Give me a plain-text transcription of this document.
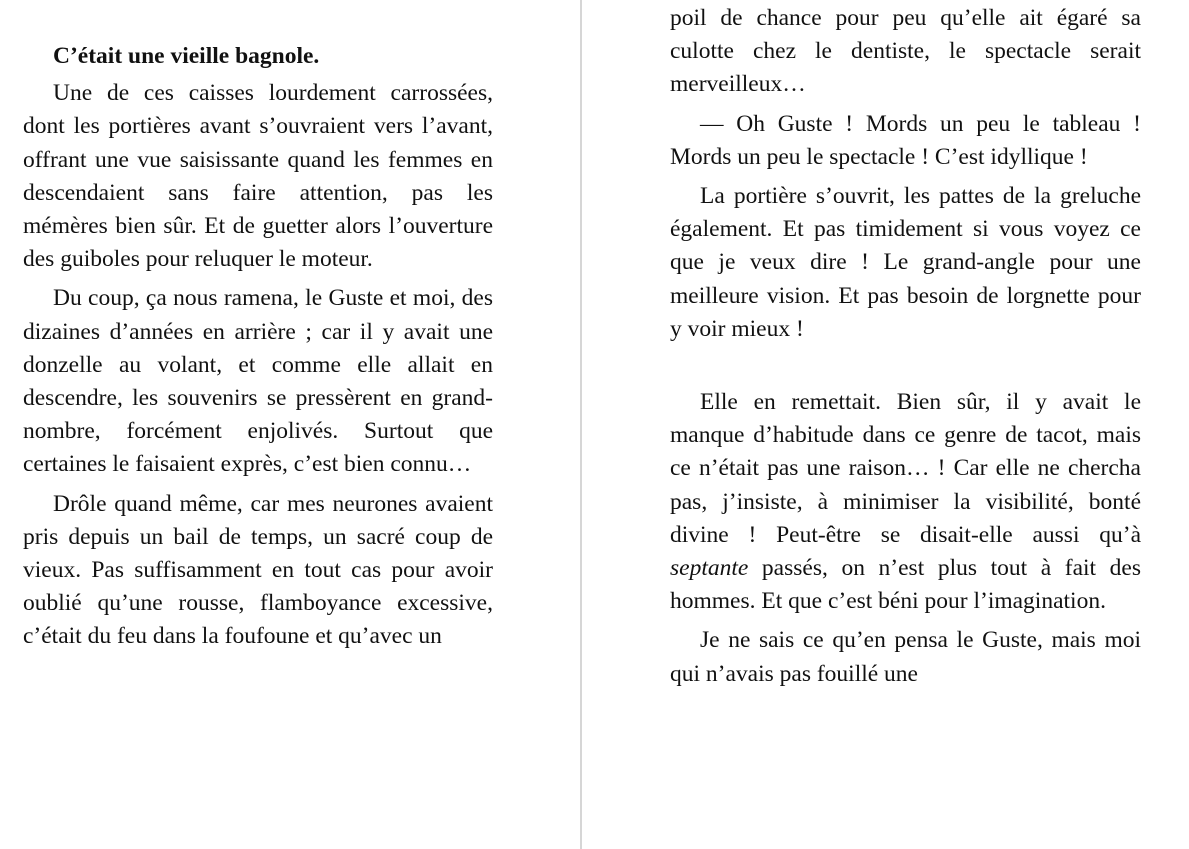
C’était une vieille bagnole.

Une de ces caisses lourdement carrossées, dont les portières avant s’ouvraient vers l’avant, offrant une vue saisissante quand les femmes en descendaient sans faire attention, pas les mémères bien sûr. Et de guetter alors l’ouverture des guiboles pour reluquer le moteur.

Du coup, ça nous ramena, le Guste et moi, des dizaines d’années en arrière ; car il y avait une donzelle au volant, et comme elle allait en descendre, les souvenirs se pressèrent en grand-nombre, forcément enjolivés. Surtout que certaines le faisaient exprès, c’est bien connu…

Drôle quand même, car mes neurones avaient pris depuis un bail de temps, un sacré coup de vieux. Pas suffisamment en tout cas pour avoir oublié qu’une rousse, flamboyance excessive, c’était du feu dans la foufoune et qu’avec un

poil de chance pour peu qu’elle ait égaré sa culotte chez le dentiste, le spectacle serait merveilleux…

— Oh Guste ! Mords un peu le tableau ! Mords un peu le spectacle ! C’est idyllique !

La portière s’ouvrit, les pattes de la greluche également. Et pas timidement si vous voyez ce que je veux dire ! Le grand-angle pour une meilleure vision. Et pas besoin de lorgnette pour y voir mieux !

Elle en remettait. Bien sûr, il y avait le manque d’habitude dans ce genre de tacot, mais ce n’était pas une raison… ! Car elle ne chercha pas, j’insiste, à minimiser la visibilité, bonté divine ! Peut-être se disait-elle aussi qu’à septante passés, on n’est plus tout à fait des hommes. Et que c’est béni pour l’imagination.

Je ne sais ce qu’en pensa le Guste, mais moi qui n’avais pas fouillé une
